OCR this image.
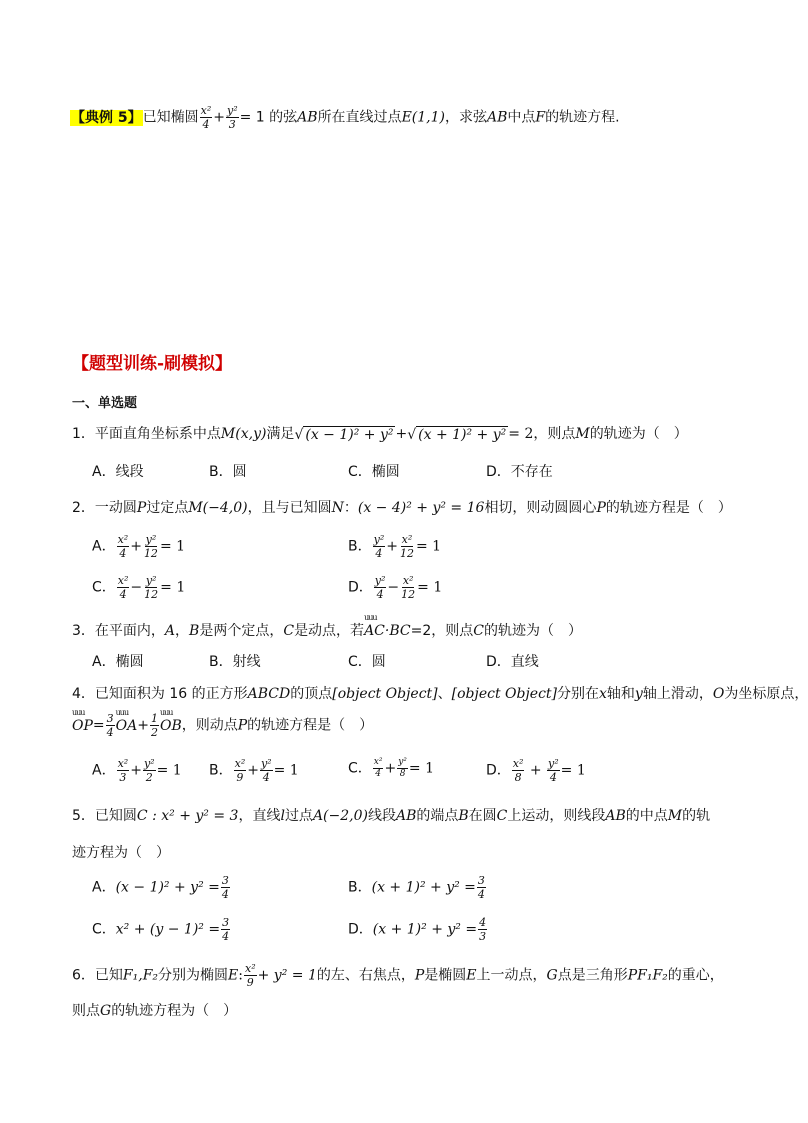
【典例 5】已知椭圆 $\frac{\text{x²}}{4} + \frac{\text{y²}}{3} = 1$ 的弦AB所在直线过点E(1,1)，求弦AB中点F的轨迹方程.
【题型训练-刷模拟】
一、单选题
1．平面直角坐标系中点M(x,y)满足√ (x − 1)² + y² +√ (x + 1)² + y² = 2，则点M的轨迹为（　）
A．线段	B．圆	C．椭圆	D．不存在
2．一动圆P过定点M(−4,0)，且与已知圆N：(x − 4)² + y² = 16相切，则动圆圆心P的轨迹方程是（　）
A． $\frac{\text{x²}}{4} + \frac{\text{y²}}{12} = 1$	B． $\frac{\text{y²}}{4} + \frac{\text{x²}}{12} = 1$
C． $\frac{\text{x²}}{4} - \frac{\text{y²}}{12} = 1$	D． $\frac{\text{y²}}{4} - \frac{\text{x²}}{12} = 1$
3．在平面内，A，B是两个定点，C是动点，若uuu AC·BC=2，则点C的轨迹为（　）
A．椭圆	B．射线	C．圆	D．直线
4．已知面积为 16 的正方形ABCD的顶点[object Object]、[object Object]分别在x轴和y轴上滑动，O为坐标原点，
uuu $OP= \frac{3}{4}$ uuu $OA+ \frac{1}{2}$ uuu OB，则动点P的轨迹方程是（　）
A． $\frac{\text{x²}}{3} + \frac{\text{y²}}{2} = 1$ B． $\frac{\text{x²}}{9} + \frac{\text{y²}}{4} = 1$	C． $\frac{\text{x²}}{4} + \frac{\text{y²}}{8} = 1$	D． $\frac{\text{x²}}{8} + \frac{\text{y²}}{4} = 1$
5．已知圆C : x² + y² = 3，直线l过点A(−2,0)线段AB的端点B在圆C上运动，则线段AB的中点M的轨
迹方程为（　）
A．$(x - 1)^2 + y^2 = \frac{3}{4}$	B．$(x + 1)^2 + y^2 = \frac{3}{4}$
C．$x^2 + (y - 1)^2 = \frac{3}{4}$	D．$(x + 1)^2 + y^2 = \frac{4}{3}$
6．已知F₁,F₂分别为椭圆E: $\frac{\text{x²}}{9} + y^2 = 1$的左、右焦点，P是椭圆E上一动点，G点是三角形PF₁F₂的重心，
则点G的轨迹方程为（　）
